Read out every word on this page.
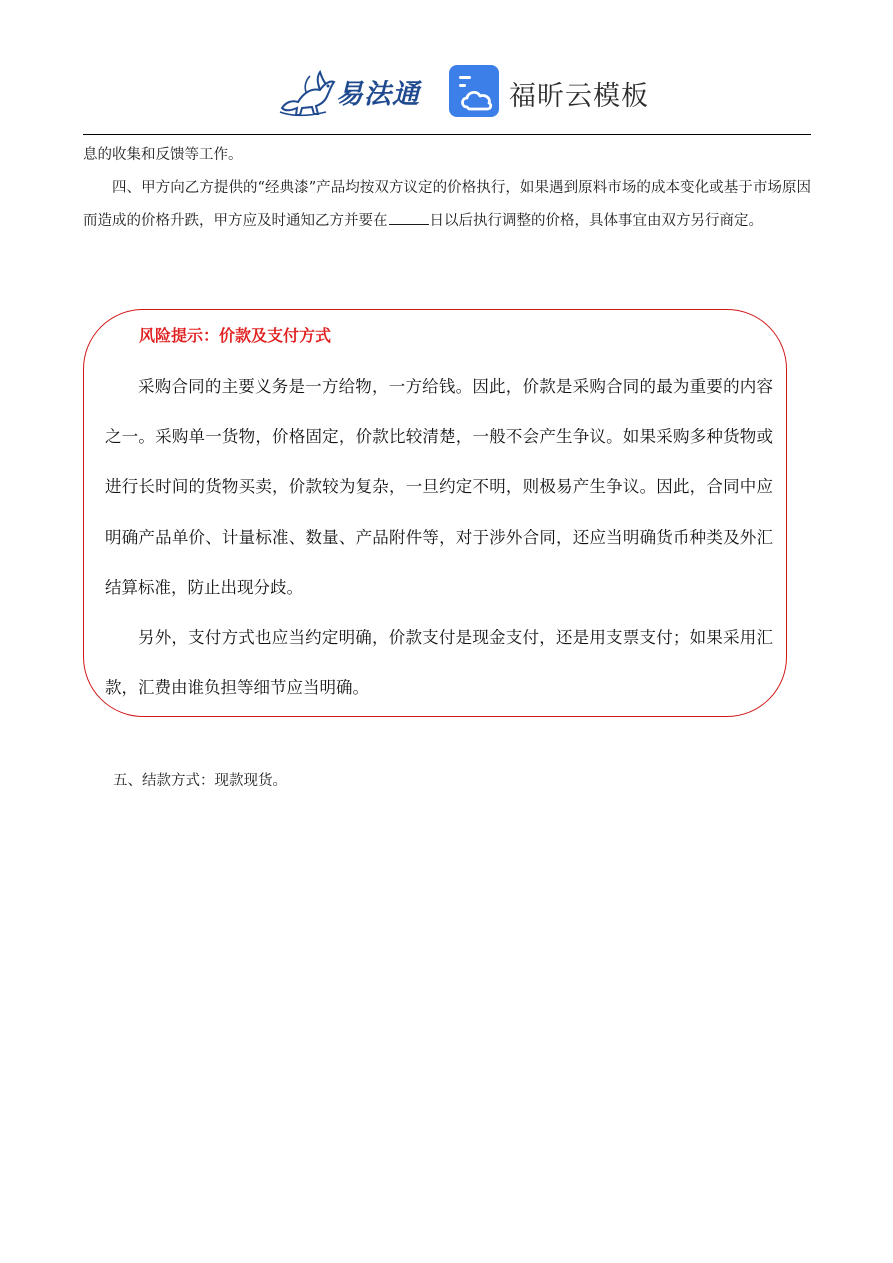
易法通	福昕云模板

息的收集和反馈等工作。

四、甲方向乙方提供的“经典漆”产品均按双方议定的价格执行，如果遇到原料市场的成本变化或基于市场原因而造成的价格升跌，甲方应及时通知乙方并要在	日以后执行调整的价格，具体事宜由双方另行商定。

风险提示：价款及支付方式

采购合同的主要义务是一方给物，一方给钱。因此，价款是采购合同的最为重要的内容之一。采购单一货物，价格固定，价款比较清楚，一般不会产生争议。如果采购多种货物或进行长时间的货物买卖，价款较为复杂，一旦约定不明，则极易产生争议。因此，合同中应明确产品单价、计量标准、数量、产品附件等，对于涉外合同，还应当明确货币种类及外汇结算标准，防止出现分歧。

另外，支付方式也应当约定明确，价款支付是现金支付，还是用支票支付；如果采用汇款，汇费由谁负担等细节应当明确。

五、结款方式：现款现货。
